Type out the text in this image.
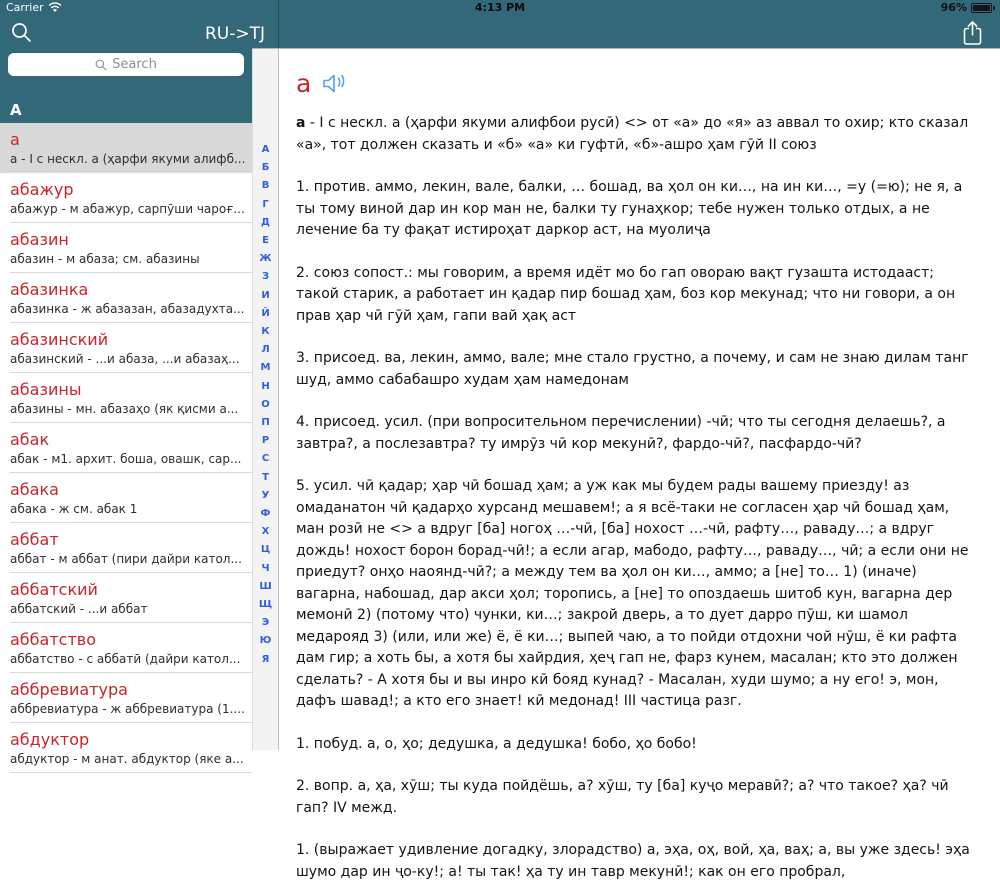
Carrier	4:13 PM	96%
RU->TJ
Search
А
а
а - I с нескл. а (ҳарфи якуми алифб...
абажур
абажур - м абажур, сарпӯши чароғ...
абазин
абазин - м абаза; см. абазины
абазинка
абазинка - ж абазазан, абазадухта...
абазинский
абазинский - ...и абаза, ...и абазаҳ...
абазины
абазины - мн. абазаҳо (як қисми а...
абак
абак - м1. архит. боша, овашк, сар...
абака
абака - ж см. абак 1
аббат
аббат - м аббат (пири дайри катол...
аббатский
аббатский - ...и аббат
аббатство
аббатство - с аббатӣ (дайри катол...
аббревиатура
аббревиатура - ж аббревиатура (1....
абдуктор
абдуктор - м анат. абдуктор (яке а...
А
Б
В
Г
Д
Е
Ж
З
И
Й
К
Л
М
Н
О
П
Р
С
Т
У
Ф
Х
Ц
Ч
Ш
Щ
Э
Ю
Я
а

а - I с нескл. а (ҳарфи якуми алифбои русӣ) <> от «а» до «я» аз аввал то охир; кто сказал «а», тот должен сказать и «б» «а» ки гуфтӣ, «б»-ашро ҳам гӯй II союз

1. против. аммо, лекин, вале, балки, … бошад, ва ҳол он ки…, на ин ки…, =у (=ю); не я, а ты тому виной дар ин кор ман не, балки ту гунаҳкор; тебе нужен только отдых, а не лечение ба ту фақат истироҳат даркор аст, на муолиҷа

2. союз сопост.: мы говорим, а время идёт мо бо гап овораю вақт гузашта истодааст; такой старик, а работает ин қадар пир бошад ҳам, боз кор мекунад; что ни говори, а он прав ҳар чӣ гӯй ҳам, гапи вай ҳақ аст

3. присоед. ва, лекин, аммо, вале; мне стало грустно, а почему, и сам не знаю дилам танг шуд, аммо сабабашро худам ҳам намедонам

4. присоед. усил. (при вопросительном перечислении) -чӣ; что ты сегодня делаешь?, а завтра?, а послезавтра? ту имрӯз чӣ кор мекунӣ?, фардо-чӣ?, пасфардо-чӣ?

5. усил. чӣ қадар; ҳар чӣ бошад ҳам; а уж как мы будем рады вашему приезду! аз омаданатон чӣ қадарҳо хурсанд мешавем!; а я всё-таки не согласен ҳар чӣ бошад ҳам, ман розӣ не <> а вдруг [ба] ногоҳ …-чӣ, [ба] нохост …-чӣ, рафту…, раваду…; а вдруг дождь! нохост борон борад-чӣ!; а если агар, мабодо, рафту…, раваду…, чӣ; а если они не приедут? онҳо наоянд-чӣ?; а между тем ва ҳол он ки…, аммо; а [не] то… 1) (иначе) вагарна, набошад, дар акси ҳол; торопись, а [не] то опоздаешь шитоб кун, вагарна дер мемонӣ 2) (потому что) чунки, ки…; закрой дверь, а то дует дарро пӯш, ки шамол медарояд 3) (или, или же) ё, ё ки…; выпей чаю, а то пойди отдохни чой нӯш, ё ки рафта дам гир; а хоть бы, а хотя бы хайрдия, ҳеҷ гап не, фарз кунем, масалан; кто это должен сделать? - А хотя бы и вы инро кӣ бояд кунад? - Масалан, худи шумо; а ну его! э, мон, дафъ шавад!; а кто его знает! кӣ медонад! III частица разг.

1. побуд. а, о, ҳо; дедушка, а дедушка! бобо, ҳо бобо!

2. вопр. а, ҳа, хӯш; ты куда пойдёшь, а? хӯш, ту [ба] куҷо меравӣ?; а? что такое? ҳа? чӣ гап? IV межд.

1. (выражает удивление догадку, злорадство) а, эҳа, оҳ, вой, ҳа, ваҳ; а, вы уже здесь! эҳа шумо дар ин ҷо-ку!; а! ты так! ҳа ту ин тавр мекунӣ!; как он его пробрал,
